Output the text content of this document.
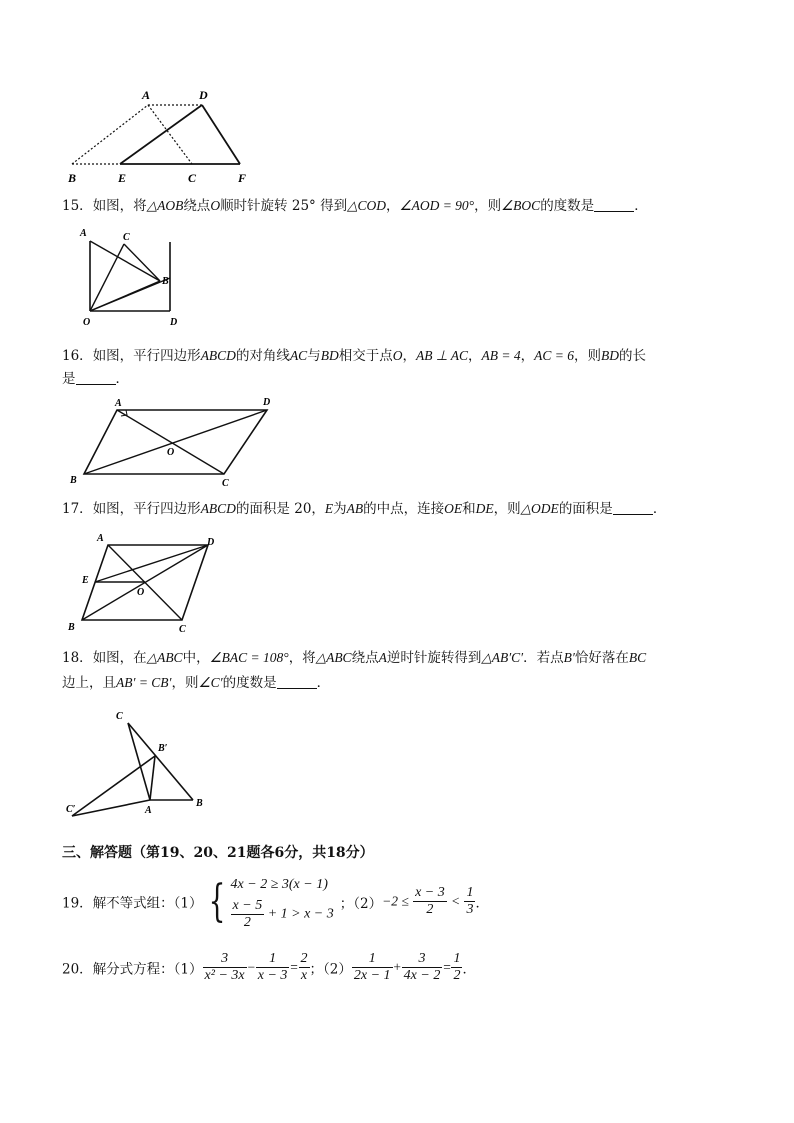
A	D
B	E	C	F
15．如图，将△AOB绕点O顺时针旋转 25° 得到△COD，∠AOD = 90°，则∠BOC的度数是	．
A	C
B
O	D
16．如图，平行四边形ABCD的对角线AC与BD相交于点O，AB ⊥ AC，AB = 4，AC = 6，则BD的长
是	．
A	D
O
B	C
17．如图，平行四边形ABCD的面积是 20，E为AB的中点，连接OE和DE，则△ODE的面积是	．
A	D
E
O
B	C
18．如图，在△ABC中，∠BAC = 108°，将△ABC绕点A逆时针旋转得到△AB′C′．若点B′恰好落在BC
边上，且AB′ = CB′，则∠C′的度数是	．
C
B′
C′	A
B
三、解答题（第19、20、21题各6分，共18分）
19．解不等式组：（1） { 4x − 2 ≥ 3(x − 1)
$\frac{x - 5}{2} + 1 > x - 3$
；$(2)-2 \le \frac{x - 3}{2} < \frac{1}{3}$ ．
20．解分式方程：$(1) \frac{3}{\text{x² − 3x}} - \frac{1}{x - 3} = \frac{2}{x}$ ；$(2) \frac{1}{2x - 1} + \frac{3}{4x - 2} = \frac{1}{2}$ ．
